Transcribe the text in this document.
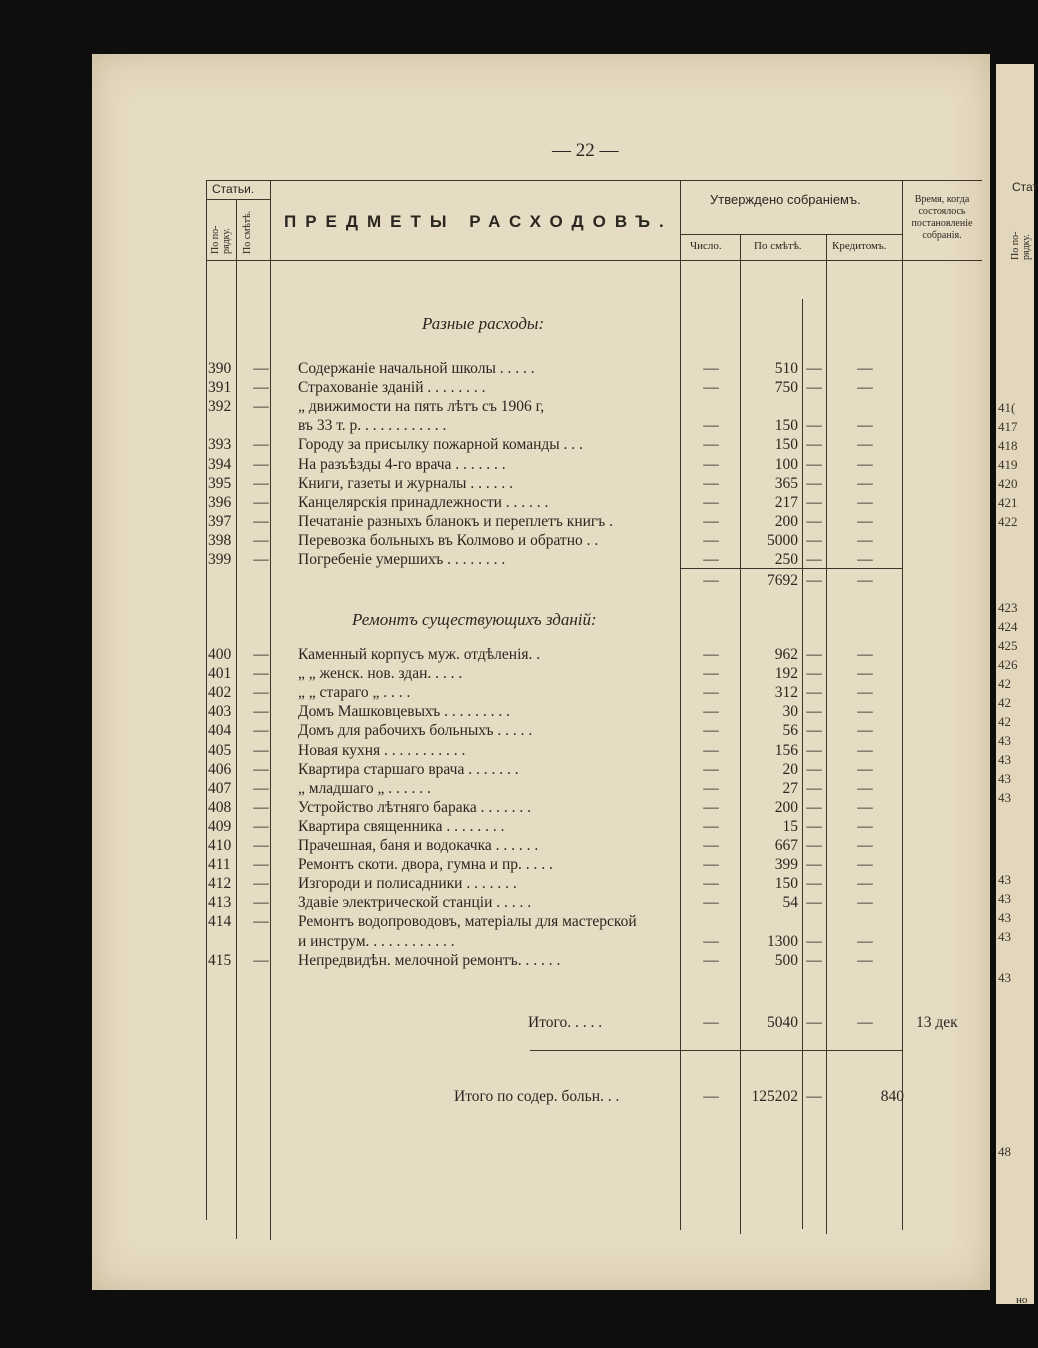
— 22 —
Статьи.
По по- рядку. По смѣтѣ. ПРЕДМЕТЫ РАСХОДОВЪ.
Утверждено собраніемъ.
Число.	По смѣтѣ.	Кредитомъ.
Время, когда состоялось постановленіе собранія.
Разные расходы:
390	— Содержаніе начальной школы . . . . .	—	510 —	—
391	— Страхованіе зданій . . . . . . . .	—	750 —	—
392	— „ движимости на пять лѣтъ съ 1906 г,
въ 33 т. р. . . . . . . . . . . .	—	150 —	—
393	— Городу за присылку пожарной команды . . .	—	150 —	—
394	— На разъѣзды 4-го врача . . . . . . .	—	100 —	—
395	— Книги, газеты и журналы . . . . . .	—	365 —	—
396	— Канцелярскія принадлежности . . . . . .	—	217 —	—
397	— Печатаніе разныхъ бланокъ и переплетъ книгъ .	—	200 —	—
398	— Перевозка больныхъ въ Колмово и обратно . .	—	5000 —	—
399	— Погребеніе умершихъ . . . . . . . .	—	250 —	—
—	7692 —	—
Ремонтъ существующихъ зданій:
400	— Каменный корпусъ муж. отдѣленія. .	—	962 —	—
401	— „ „ женск. нов. здан. . . . .	—	192 —	—
402	— „ „ стараго „ . . . .	—	312 —	—
403	— Домъ Машковцевыхъ . . . . . . . . .	—	30 —	—
404	— Домъ для рабочихъ больныхъ . . . . .	—	56 —	—
405	— Новая кухня . . . . . . . . . . .	—	156 —	—
406	— Квартира старшаго врача . . . . . . .	—	20 —	—
407	— „ младшаго „ . . . . . .	—	27 —	—
408	— Устройство лѣтняго барака . . . . . . .	—	200 —	—
409	— Квартира священника . . . . . . . .	—	15 —	—
410	— Прачешная, баня и водокачка . . . . . .	—	667 —	—
411	— Ремонтъ скоти. двора, гумна и пр. . . . .	—	399 —	—
412	— Изгороди и полисадники . . . . . . .	—	150 —	—
413	— Здавіе электрической станціи . . . . .	—	54 —	—
414	— Ремонтъ водопроводовъ, матеріалы для мастерской
и инструм. . . . . . . . . . . .	—	1300 —	—
415	— Непредвидѣн. мелочной ремонтъ. . . . . .	—	500 —	—
Итого. . . . .	—	5040 —	—	13 дек
Итого по содер. больн. . .	—	125202 —	840
Стат
По по- рядку.
41(
417
418
419
420
421
422
423
424
425
426
42
42
42
43
43
43
43
43
43
43
43
43
48
но
